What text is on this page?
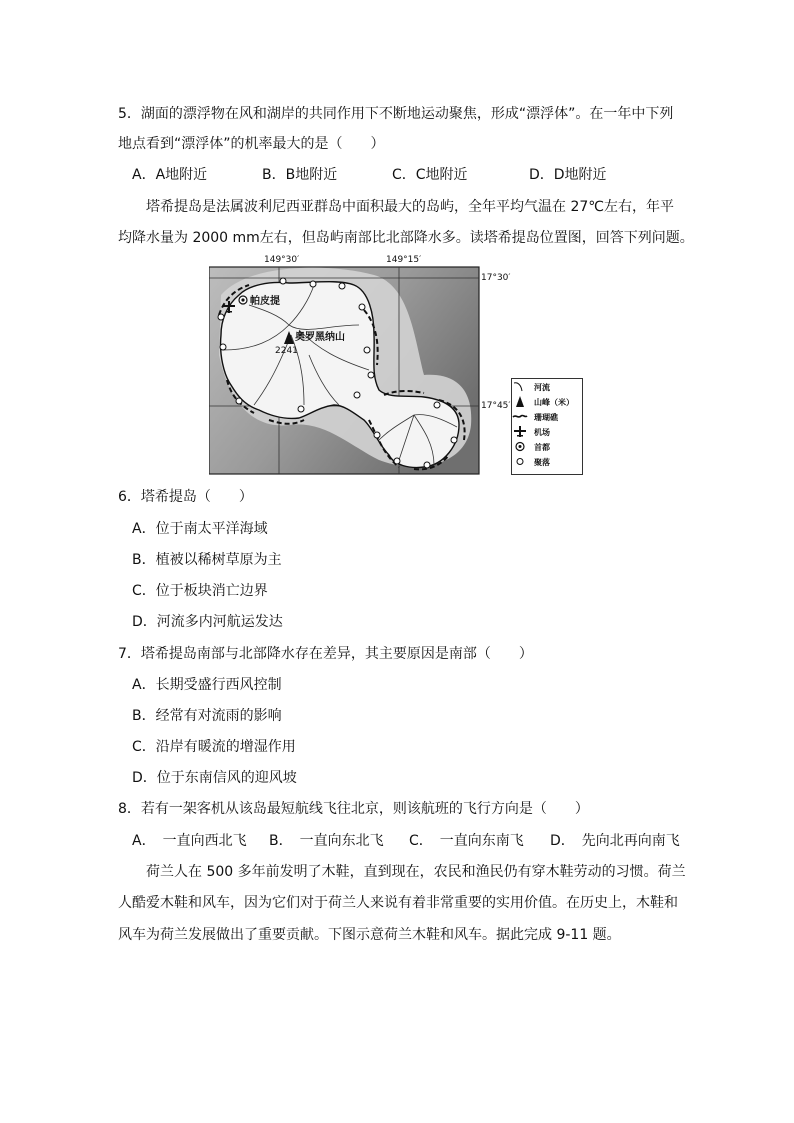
5．湖面的漂浮物在风和湖岸的共同作用下不断地运动聚焦，形成“漂浮体”。在一年中下列
地点看到“漂浮体”的机率最大的是（　　）
A．A地附近	B．B地附近	C．C地附近	D．D地附近
塔希提岛是法属波利尼西亚群岛中面积最大的岛屿，全年平均气温在 27℃左右，年平
均降水量为 2000 mm左右，但岛屿南部比北部降水多。读塔希提岛位置图，回答下列问题。
149°30′	149°15′
17°30′
17°45′
帕皮提
奥罗黑纳山
2241
河流
山峰（米）
珊瑚礁
机场
首都
聚落
6．塔希提岛（　　）
A．位于南太平洋海域
B．植被以稀树草原为主
C．位于板块消亡边界
D．河流多内河航运发达
7．塔希提岛南部与北部降水存在差异，其主要原因是南部（　　）
A．长期受盛行西风控制
B．经常有对流雨的影响
C．沿岸有暖流的增湿作用
D．位于东南信风的迎风坡
8．若有一架客机从该岛最短航线飞往北京，则该航班的飞行方向是（　　）
A．　一直向西北飞 B．　一直向东北飞 C．　一直向东南飞 D．　先向北再向南飞
荷兰人在 500 多年前发明了木鞋，直到现在，农民和渔民仍有穿木鞋劳动的习惯。荷兰
人酷爱木鞋和风车，因为它们对于荷兰人来说有着非常重要的实用价值。在历史上，木鞋和
风车为荷兰发展做出了重要贡献。下图示意荷兰木鞋和风车。据此完成 9-11 题。
